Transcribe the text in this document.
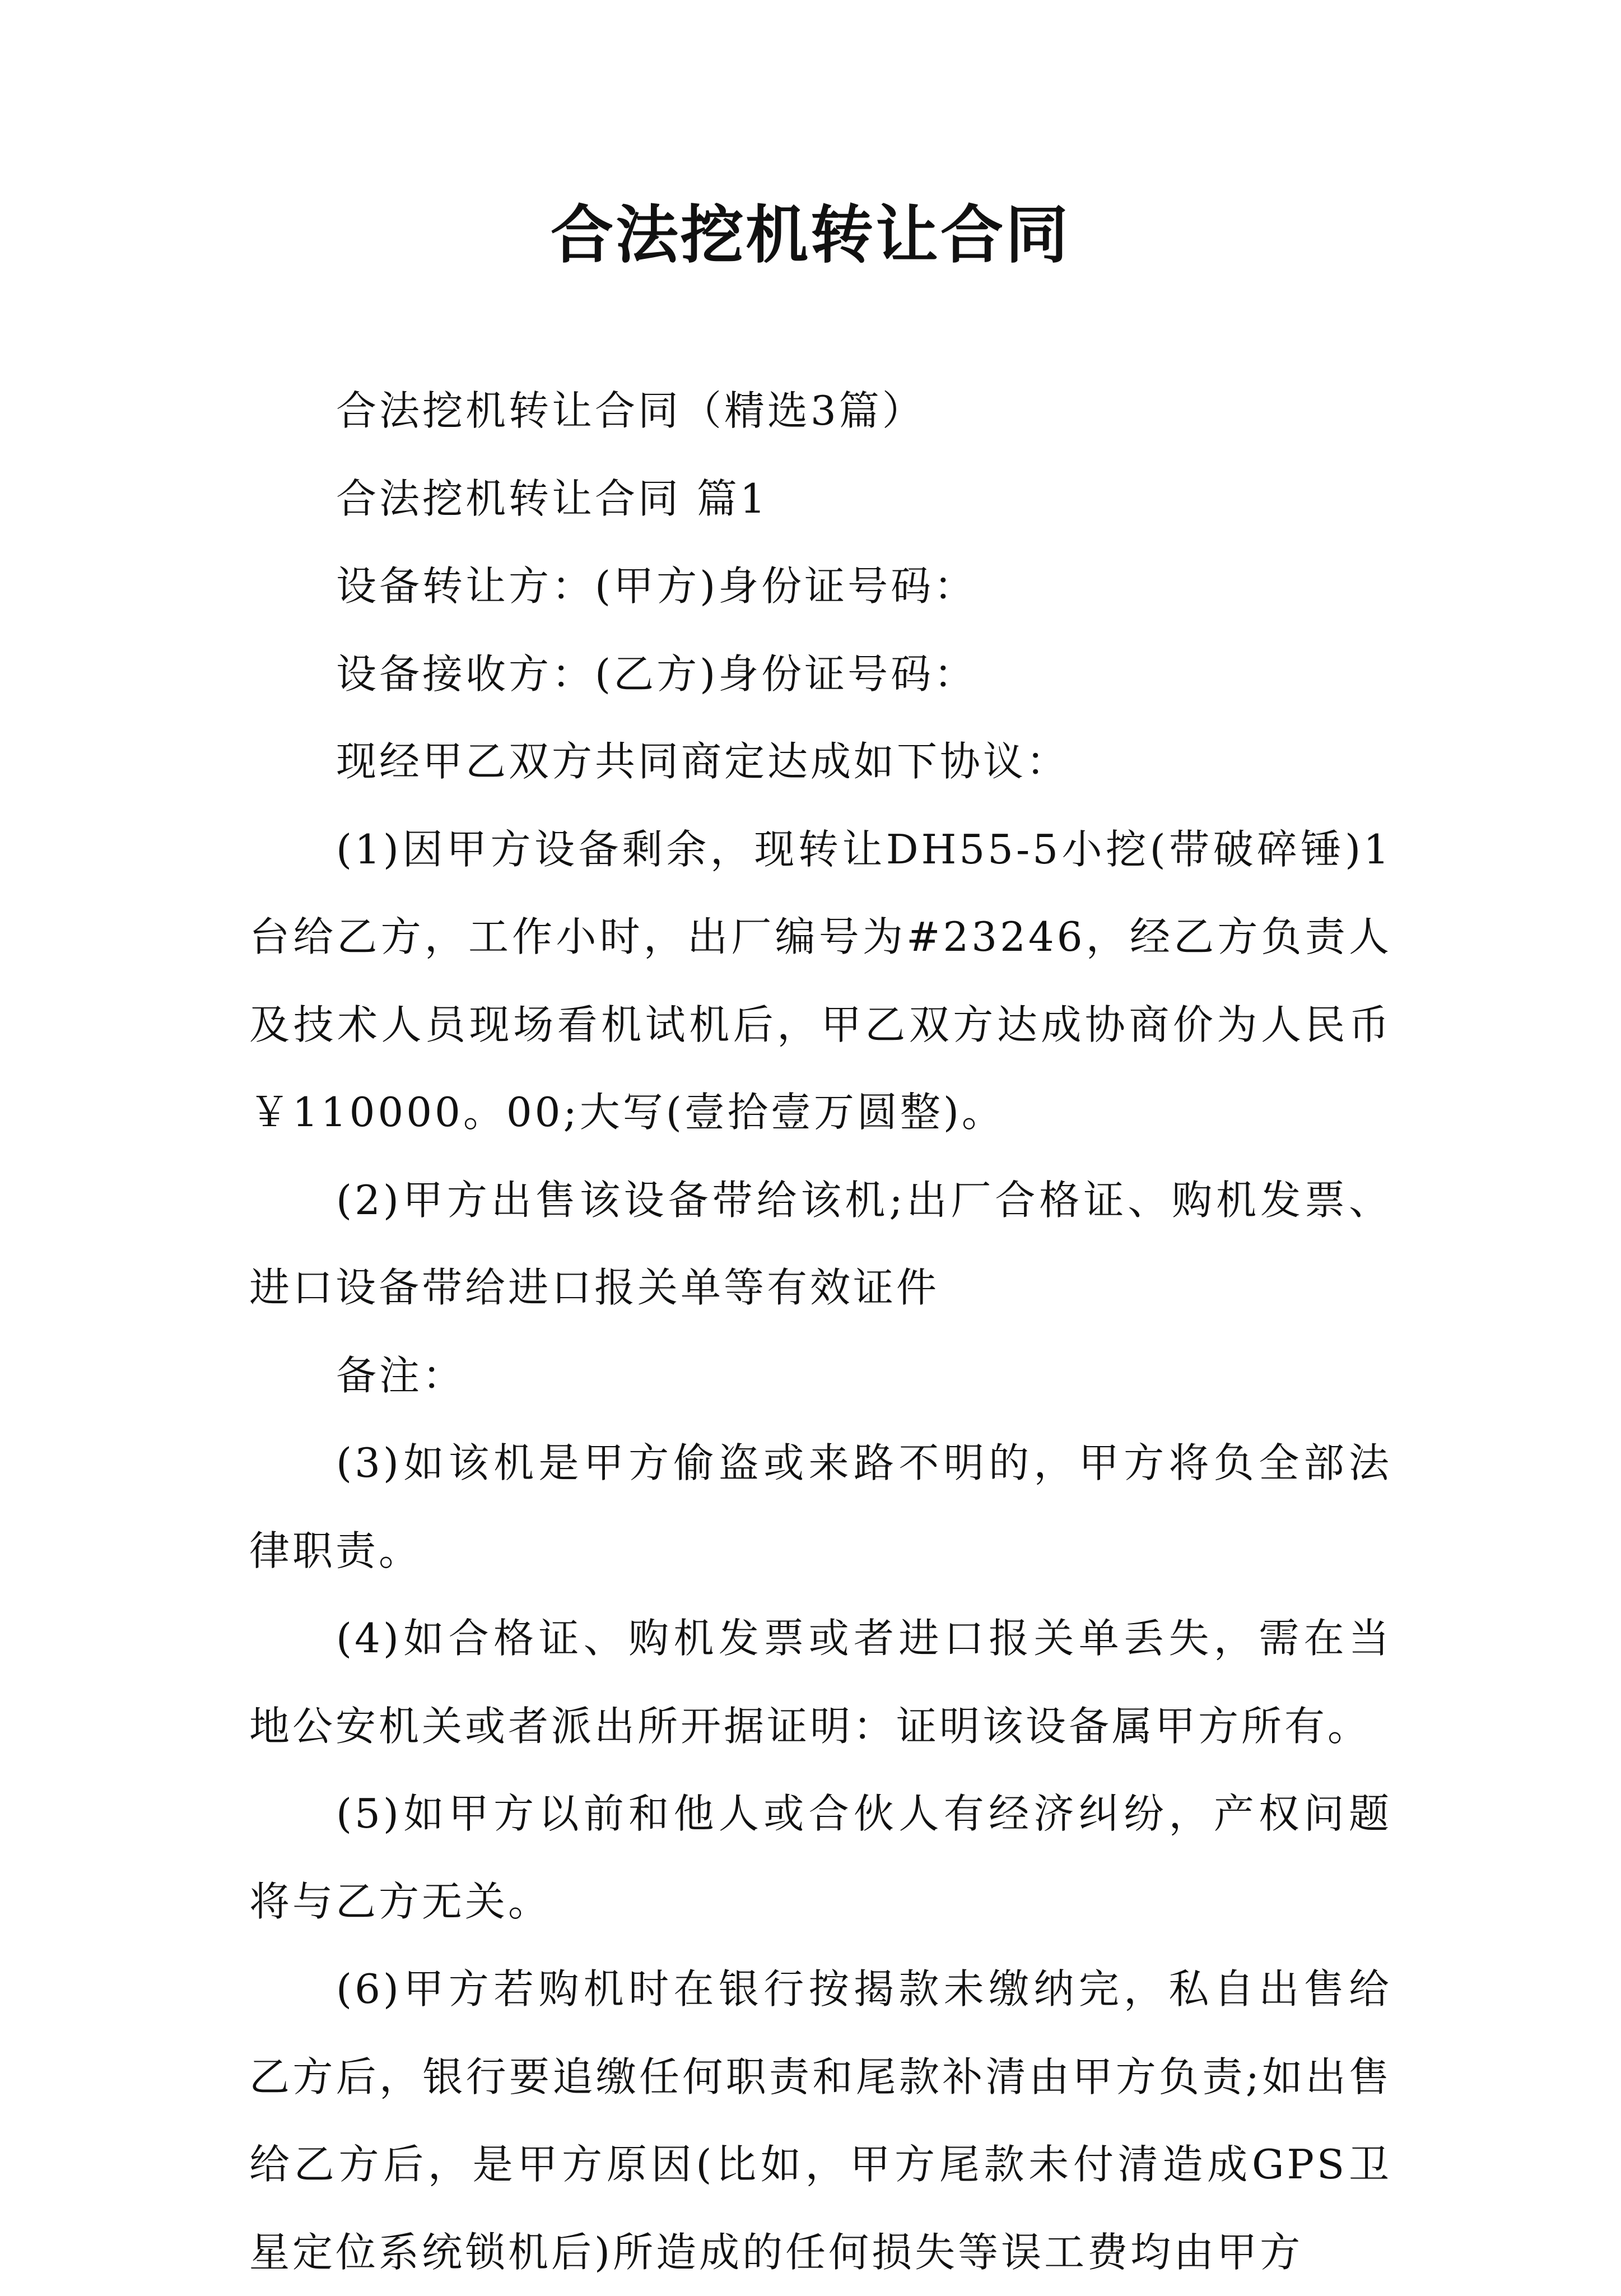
合法挖机转让合同

合法挖机转让合同（精选3篇）

合法挖机转让合同 篇1

设备转让方：(甲方)身份证号码：

设备接收方：(乙方)身份证号码：

现经甲乙双方共同商定达成如下协议：

(1)因甲方设备剩余，现转让DH55-5小挖(带破碎锤)1台给乙方，工作小时，出厂编号为#23246，经乙方负责人及技术人员现场看机试机后，甲乙双方达成协商价为人民币￥110000。00;大写(壹拾壹万圆整)。

(2)甲方出售该设备带给该机;出厂合格证、购机发票、进口设备带给进口报关单等有效证件

备注：

(3)如该机是甲方偷盗或来路不明的，甲方将负全部法律职责。

(4)如合格证、购机发票或者进口报关单丢失，需在当地公安机关或者派出所开据证明：证明该设备属甲方所有。

(5)如甲方以前和他人或合伙人有经济纠纷，产权问题将与乙方无关。

(6)甲方若购机时在银行按揭款未缴纳完，私自出售给乙方后，银行要追缴任何职责和尾款补清由甲方负责;如出售给乙方后，是甲方原因(比如，甲方尾款未付清造成GPS卫星定位系统锁机后)所造成的任何损失等误工费均由甲方
